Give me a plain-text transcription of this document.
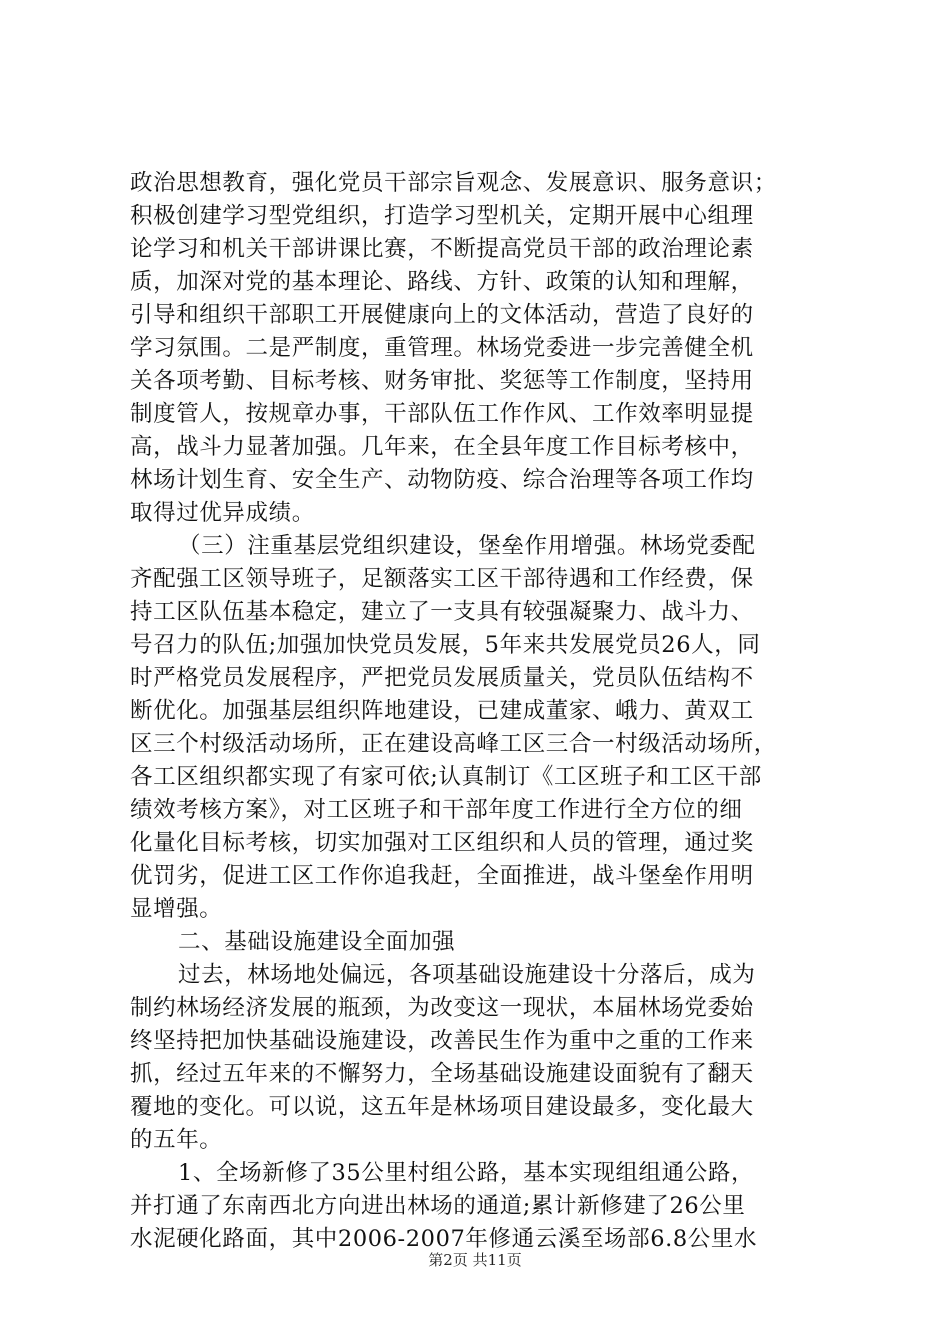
政治思想教育，强化党员干部宗旨观念、发展意识、服务意识；
积极创建学习型党组织，打造学习型机关，定期开展中心组理
论学习和机关干部讲课比赛，不断提高党员干部的政治理论素
质，加深对党的基本理论、路线、方针、政策的认知和理解，
引导和组织干部职工开展健康向上的文体活动，营造了良好的
学习氛围。二是严制度，重管理。林场党委进一步完善健全机
关各项考勤、目标考核、财务审批、奖惩等工作制度，坚持用
制度管人，按规章办事，干部队伍工作作风、工作效率明显提
高，战斗力显著加强。几年来，在全县年度工作目标考核中，
林场计划生育、安全生产、动物防疫、综合治理等各项工作均
取得过优异成绩。
（三）注重基层党组织建设，堡垒作用增强。林场党委配
齐配强工区领导班子，足额落实工区干部待遇和工作经费，保
持工区队伍基本稳定，建立了一支具有较强凝聚力、战斗力、
号召力的队伍;加强加快党员发展，5年来共发展党员26人，同
时严格党员发展程序，严把党员发展质量关，党员队伍结构不
断优化。加强基层组织阵地建设，已建成董家、峨力、黄双工
区三个村级活动场所，正在建设高峰工区三合一村级活动场所，
各工区组织都实现了有家可依;认真制订《工区班子和工区干部
绩效考核方案》，对工区班子和干部年度工作进行全方位的细
化量化目标考核，切实加强对工区组织和人员的管理，通过奖
优罚劣，促进工区工作你追我赶，全面推进，战斗堡垒作用明
显增强。
二、基础设施建设全面加强
过去，林场地处偏远，各项基础设施建设十分落后，成为
制约林场经济发展的瓶颈，为改变这一现状，本届林场党委始
终坚持把加快基础设施建设，改善民生作为重中之重的工作来
抓，经过五年来的不懈努力，全场基础设施建设面貌有了翻天
覆地的变化。可以说，这五年是林场项目建设最多，变化最大
的五年。
1、全场新修了35公里村组公路，基本实现组组通公路，
并打通了东南西北方向进出林场的通道;累计新修建了26公里
水泥硬化路面，其中2006-2007年修通云溪至场部6.8公里水
第2页 共11页
